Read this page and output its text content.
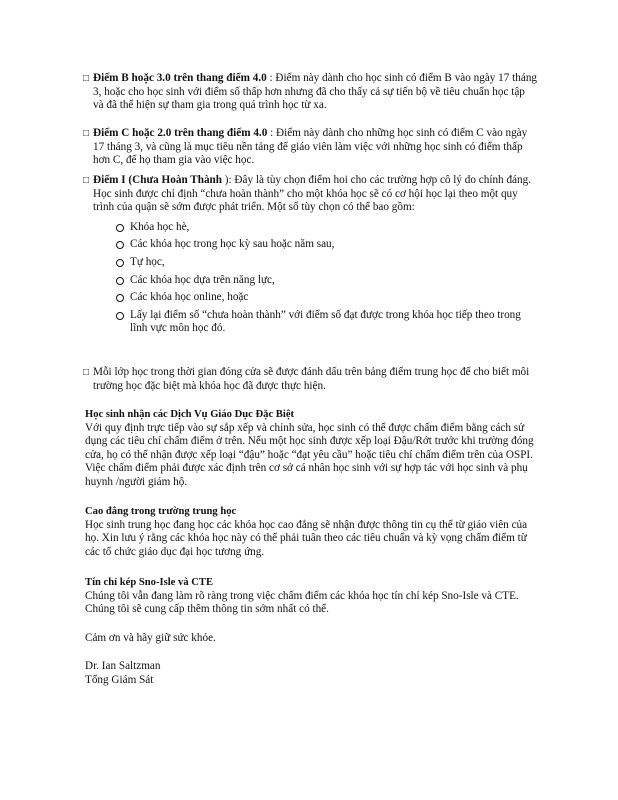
□ Điểm B hoặc 3.0 trên thang điểm 4.0 : Điểm này dành cho học sinh có điểm B vào ngày 17 tháng 3, hoặc cho học sinh với điểm số thấp hơn nhưng đã cho thấy cả sự tiến bộ về tiêu chuẩn học tập và đã thể hiện sự tham gia trong quá trình học từ xa.

□ Điểm C hoặc 2.0 trên thang điểm 4.0 : Điểm này dành cho những học sinh có điểm C vào ngày 17 tháng 3, và cũng là mục tiêu nền tảng để giáo viên làm việc với những học sinh có điểm thấp hơn C, để họ tham gia vào việc học.

□ Điểm I (Chưa Hoàn Thành ): Đây là tùy chọn điểm hoi cho các trường hợp cô lý do chính đáng. Học sinh được chỉ định “chưa hoàn thành” cho một khóa học sẽ có cơ hội học lại theo một quy trình của quận sẽ sớm được phát triển. Một số tùy chọn có thể bao gồm:

Khóa học hè,
Các khóa học trong học kỳ sau hoặc năm sau,
Tự học,
Các khóa học dựa trên năng lực,
Các khóa học online, hoặc
Lấy lại điểm số “chưa hoàn thành” với điểm số đạt được trong khóa học tiếp theo trong lĩnh vực môn học đó.
□ Mỗi lớp học trong thời gian đóng cửa sẽ được đánh dấu trên bảng điểm trung học để cho biết môi trường học đặc biệt mà khóa học đã được thực hiện.

Học sinh nhận các Dịch Vụ Giáo Dục Đặc Biệt

Với quy định trực tiếp vào sự sắp xếp và chỉnh sửa, học sinh có thể được chấm điểm bằng cách sử dụng các tiêu chí chấm điểm ở trên. Nếu một học sinh được xếp loại Đậu/Rớt trước khi trường đóng cửa, họ có thể nhận được xếp loại “đậu” hoặc “đạt yêu cầu” hoặc tiêu chí chấm điểm trên của OSPI. Việc chấm điểm phải được xác định trên cơ sở cá nhân học sinh với sự hợp tác với học sinh và phụ huynh /người giám hộ.

Cao đẳng trong trường trung học

Học sinh trung học đang học các khóa học cao đẳng sẽ nhận được thông tin cụ thể từ giáo viên của họ. Xin lưu ý rằng các khóa học này có thể phải tuân theo các tiêu chuẩn và kỳ vọng chấm điểm từ các tổ chức giáo dục đại học tương ứng.

Tín chỉ kép Sno-Isle và CTE

Chúng tôi vẫn đang làm rõ ràng trong việc chấm điểm các khóa học tín chỉ kép Sno-Isle và CTE. Chúng tôi sẽ cung cấp thêm thông tin sớm nhất có thể.

Cảm ơn và hãy giữ sức khỏe.

Dr. Ian Saltzman

Tổng Giám Sát
